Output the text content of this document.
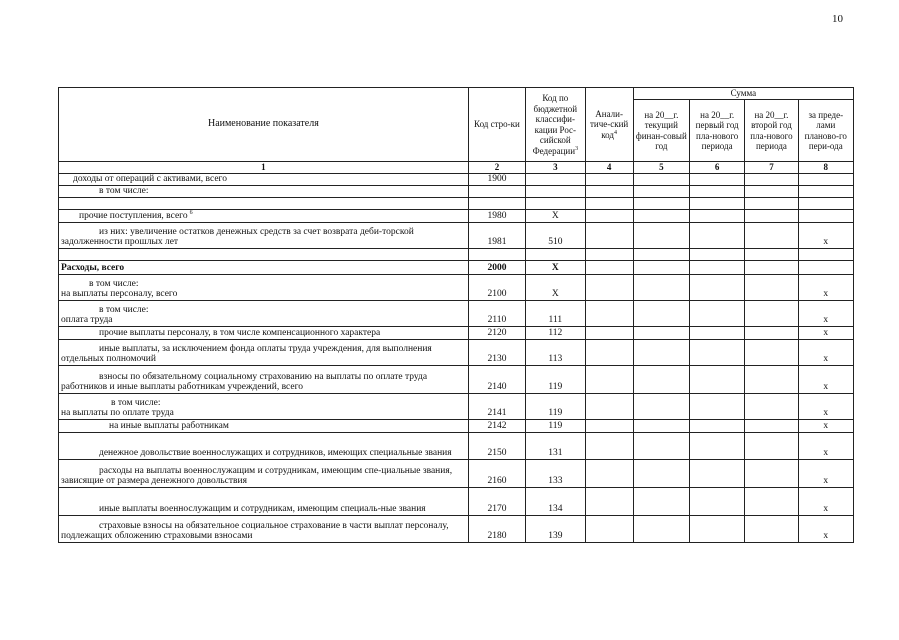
10
Наименование показателя	Код стро-ки	Код по бюджетной классифи-кации Рос-сийской Федерации$^3$	Анали-тиче-ский код$^4$	Сумма			
				на 20__г. текущий финан-совый год	на 20__г. первый год пла-нового периода	на 20__г. второй год пла-нового периода	за преде-лами планово-го пери-ода
1	2	3	4	5	6	7	8
доходы от операций с активами, всего	1900						
в том числе:							

прочие поступления, всего $^6$	1980	Х					
из них: увеличение остатков денежных средств за счет возврата деби-торской задолженности прошлых лет	1981	510					х

Расходы, всего	2000	Х					

в том числе:
на выплаты персоналу, всего	2100	Х					х

в том числе:
оплата труда	2110	111					х
прочие выплаты персоналу, в том числе компенсационного характера	2120	112					х
иные выплаты, за исключением фонда оплаты труда учреждения, для выполнения отдельных полномочий	2130	113					х
взносы по обязательному социальному страхованию на выплаты по оплате труда работников и иные выплаты работникам учреждений, всего	2140	119					х

в том числе:
на выплаты по оплате труда	2141	119					х
на иные выплаты работникам	2142	119					х
денежное довольствие военнослужащих и сотрудников, имеющих специальные звания	2150	131					х
расходы на выплаты военнослужащим и сотрудникам, имеющим спе-циальные звания, зависящие от размера денежного довольствия	2160	133					х
иные выплаты военнослужащим и сотрудникам, имеющим специаль-ные звания	2170	134					х
страховые взносы на обязательное социальное страхование в части выплат персоналу, подлежащих обложению страховыми взносами	2180	139					х
